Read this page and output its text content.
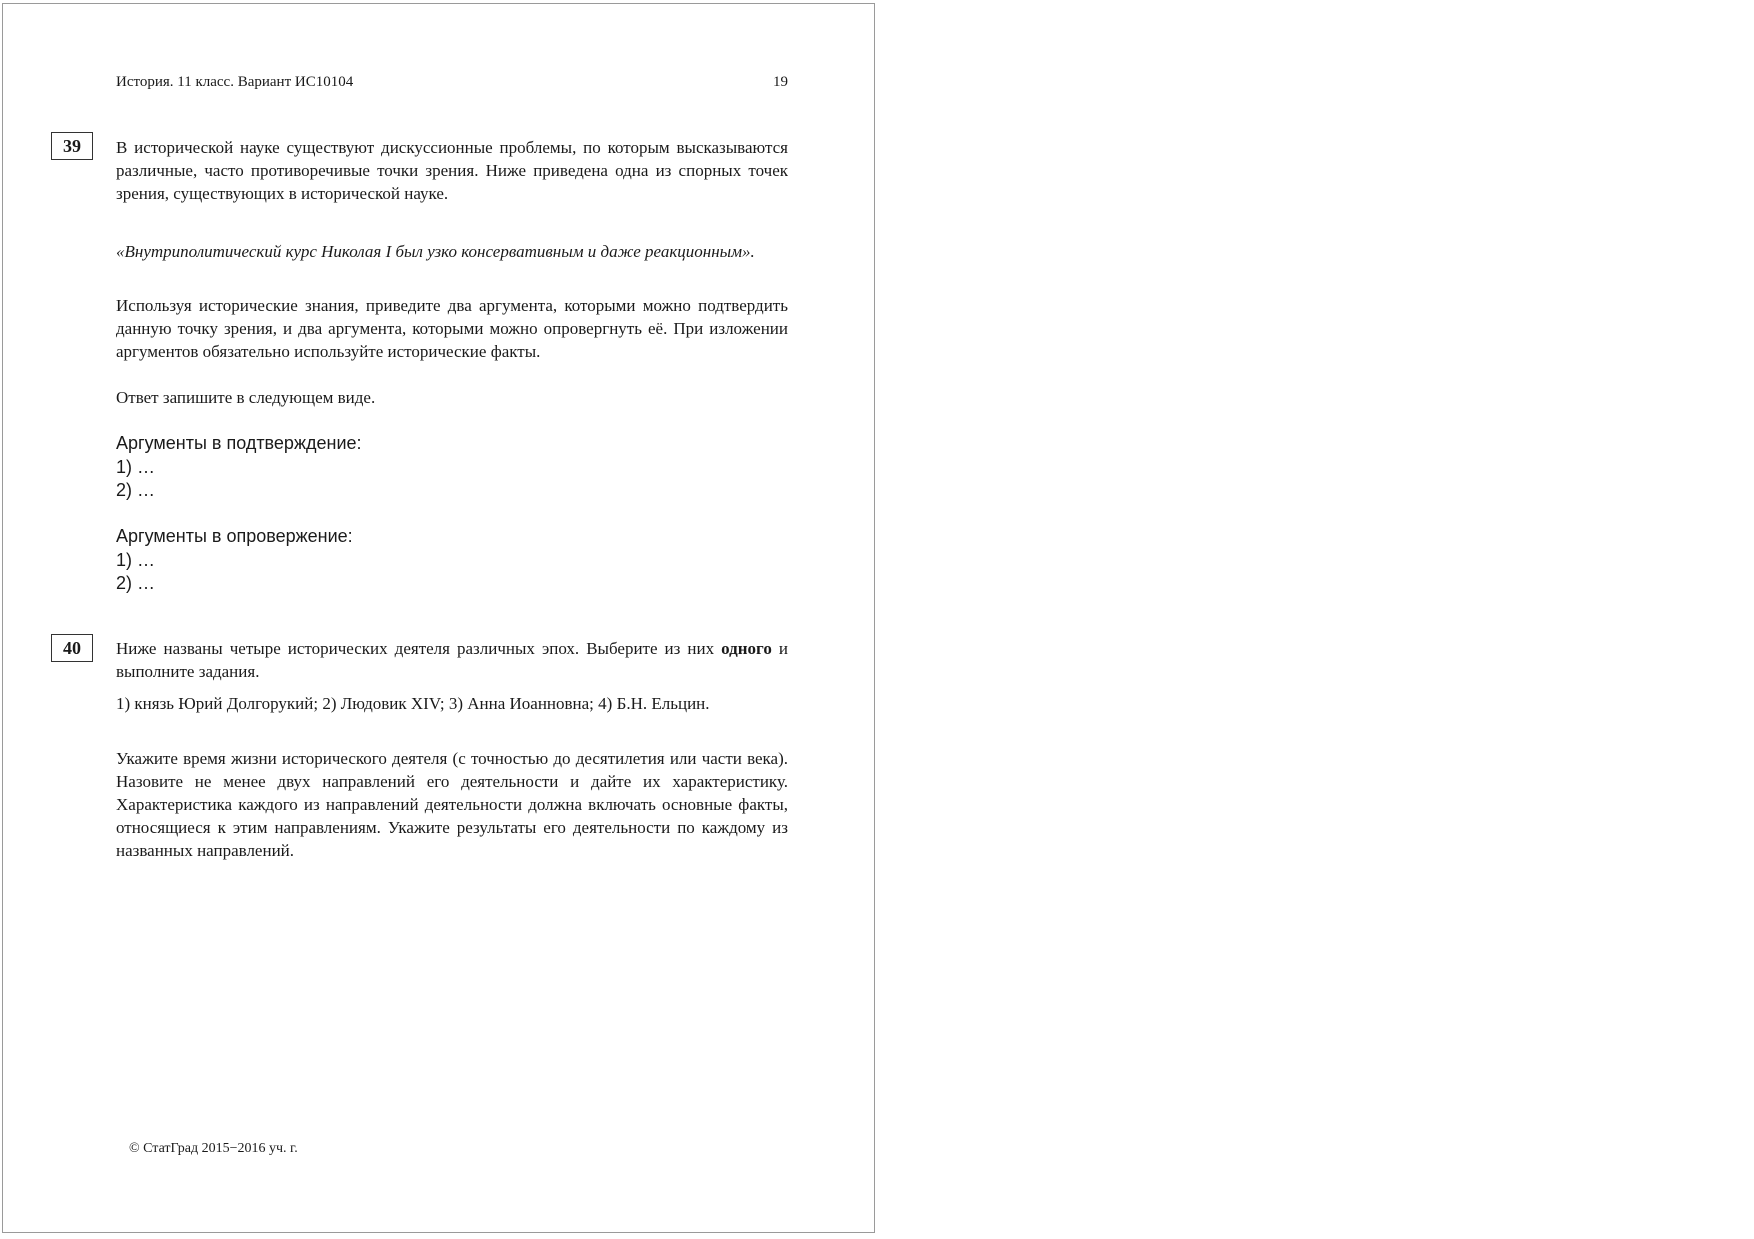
История. 11 класс. Вариант ИС10104	19
39	В исторической науке существуют дискуссионные проблемы, по которым высказываются различные, часто противоречивые точки зрения. Ниже приведена одна из спорных точек зрения, существующих в исторической науке.
«Внутриполитический курс Николая I был узко консервативным и даже реакционным».
Используя исторические знания, приведите два аргумента, которыми можно подтвердить данную точку зрения, и два аргумента, которыми можно опровергнуть её. При изложении аргументов обязательно используйте исторические факты.
Ответ запишите в следующем виде.
Аргументы в подтверждение:
1) …
2) …
Аргументы в опровержение:
1) …
2) …
40	Ниже названы четыре исторических деятеля различных эпох. Выберите из них одного и выполните задания.
1) князь Юрий Долгорукий; 2) Людовик XIV; 3) Анна Иоанновна; 4) Б.Н. Ельцин.
Укажите время жизни исторического деятеля (с точностью до десятилетия или части века). Назовите не менее двух направлений его деятельности и дайте их характеристику. Характеристика каждого из направлений деятельности должна включать основные факты, относящиеся к этим направлениям. Укажите результаты его деятельности по каждому из названных направлений.
© СтатГрад 2015−2016 уч. г.
